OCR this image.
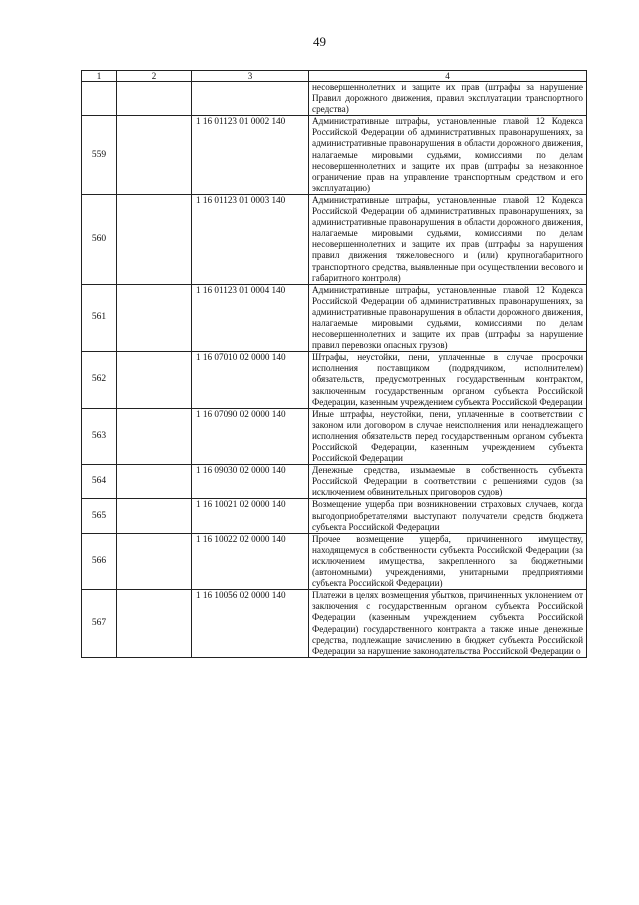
49
1	2	3	4
			несовершеннолетних и защите их прав (штрафы за нарушение Правил дорожного движения, правил эксплуатации транспортного средства)
559		1 16 01123 01 0002 140	Административные штрафы, установленные главой 12 Кодекса Российской Федерации об административных правонарушениях, за административные правонарушения в области дорожного движения, налагаемые мировыми судьями, комиссиями по делам несовершеннолетних и защите их прав (штрафы за незаконное ограничение прав на управление транспортным средством и его эксплуатацию)
560		1 16 01123 01 0003 140	Административные штрафы, установленные главой 12 Кодекса Российской Федерации об административных правонарушениях, за административные правонарушения в области дорожного движения, налагаемые мировыми судьями, комиссиями по делам несовершеннолетних и защите их прав (штрафы за нарушения правил движения тяжеловесного и (или) крупногабаритного транспортного средства, выявленные при осуществлении весового и габаритного контроля)
561		1 16 01123 01 0004 140	Административные штрафы, установленные главой 12 Кодекса Российской Федерации об административных правонарушениях, за административные правонарушения в области дорожного движения, налагаемые мировыми судьями, комиссиями по делам несовершеннолетних и защите их прав (штрафы за нарушение правил перевозки опасных грузов)
562		1 16 07010 02 0000 140	Штрафы, неустойки, пени, уплаченные в случае просрочки исполнения поставщиком (подрядчиком, исполнителем) обязательств, предусмотренных государственным контрактом, заключенным государственным органом субъекта Российской Федерации, казенным учреждением субъекта Российской Федерации
563		1 16 07090 02 0000 140	Иные штрафы, неустойки, пени, уплаченные в соответствии с законом или договором в случае неисполнения или ненадлежащего исполнения обязательств перед государственным органом субъекта Российской Федерации, казенным учреждением субъекта Российской Федерации
564		1 16 09030 02 0000 140	Денежные средства, изымаемые в собственность субъекта Российской Федерации в соответствии с решениями судов (за исключением обвинительных приговоров судов)
565		1 16 10021 02 0000 140	Возмещение ущерба при возникновении страховых случаев, когда выгодоприобретателями выступают получатели средств бюджета субъекта Российской Федерации
566		1 16 10022 02 0000 140	Прочее возмещение ущерба, причиненного имуществу, находящемуся в собственности субъекта Российской Федерации (за исключением имущества, закрепленного за бюджетными (автономными) учреждениями, унитарными предприятиями субъекта Российской Федерации)
567		1 16 10056 02 0000 140	Платежи в целях возмещения убытков, причиненных уклонением от заключения с государственным органом субъекта Российской Федерации (казенным учреждением субъекта Российской Федерации) государственного контракта а также иные денежные средства, подлежащие зачислению в бюджет субъекта Российской Федерации за нарушение законодательства Российской Федерации о
